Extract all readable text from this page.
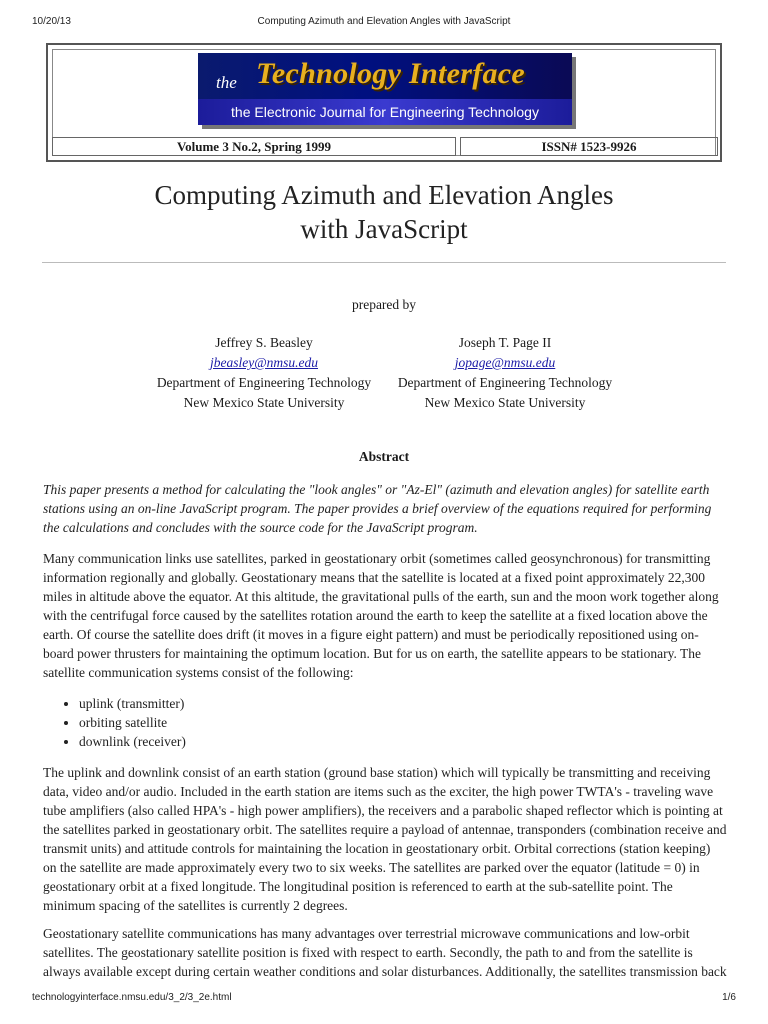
10/20/13	Computing Azimuth and Elevation Angles with JavaScript
the Technology Interface
the Electronic Journal for Engineering Technology
Volume 3 No.2, Spring 1999	ISSN# 1523-9926
Computing Azimuth and Elevation Angles
with JavaScript
prepared by
Jeffrey S. Beasley
jbeasley@nmsu.edu
Department of Engineering Technology
New Mexico State University
Joseph T. Page II
jopage@nmsu.edu
Department of Engineering Technology
New Mexico State University
Abstract

This paper presents a method for calculating the "look angles" or "Az-El" (azimuth and elevation angles) for satellite earth stations using an on-line JavaScript program. The paper provides a brief overview of the equations required for performing the calculations and concludes with the source code for the JavaScript program.

Many communication links use satellites, parked in geostationary orbit (sometimes called geosynchronous) for transmitting information regionally and globally. Geostationary means that the satellite is located at a fixed point approximately 22,300 miles in altitude above the equator. At this altitude, the gravitational pulls of the earth, sun and the moon work together along with the centrifugal force caused by the satellites rotation around the earth to keep the satellite at a fixed location above the earth. Of course the satellite does drift (it moves in a figure eight pattern) and must be periodically repositioned using on-board power thrusters for maintaining the optimum location. But for us on earth, the satellite appears to be stationary. The satellite communication systems consist of the following:

• uplink (transmitter)
• orbiting satellite
• downlink (receiver)

The uplink and downlink consist of an earth station (ground base station) which will typically be transmitting and receiving data, video and/or audio. Included in the earth station are items such as the exciter, the high power TWTA's - traveling wave tube amplifiers (also called HPA's - high power amplifiers), the receivers and a parabolic shaped reflector which is pointing at the satellites parked in geostationary orbit. The satellites require a payload of antennae, transponders (combination receive and transmit units) and attitude controls for maintaining the location in geostationary orbit. Orbital corrections (station keeping) on the satellite are made approximately every two to six weeks. The satellites are parked over the equator (latitude = 0) in geostationary orbit at a fixed longitude. The longitudinal position is referenced to earth at the sub-satellite point. The minimum spacing of the satellites is currently 2 degrees.

Geostationary satellite communications has many advantages over terrestrial microwave communications and low-orbit satellites. The geostationary satellite position is fixed with respect to earth. Secondly, the path to and from the satellite is always available except during certain weather conditions and solar disturbances. Additionally, the satellites transmission back

technologyinterface.nmsu.edu/3_2/3_2e.html	1/6
